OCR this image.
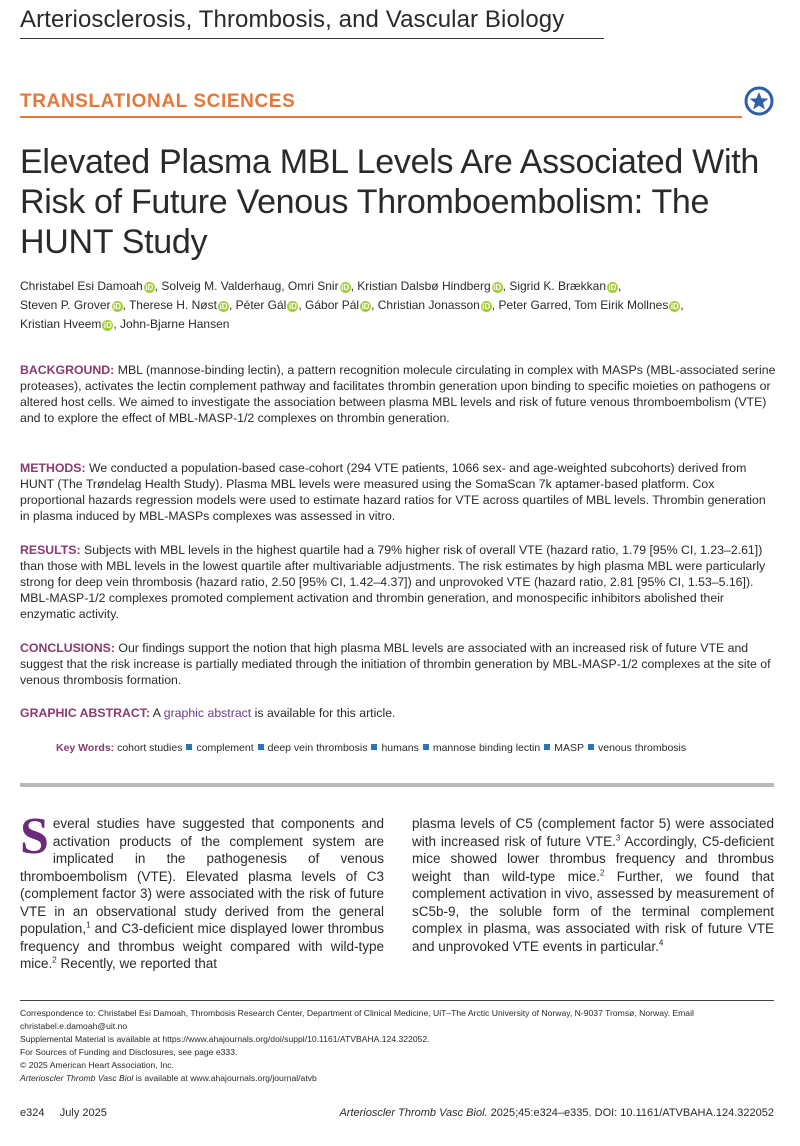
Arteriosclerosis, Thrombosis, and Vascular Biology
TRANSLATIONAL SCIENCES
Elevated Plasma MBL Levels Are Associated With Risk of Future Venous Thromboembolism: The HUNT Study
Christabel Esi Damoah iD , Solveig M. Valderhaug, Omri Snir iD , Kristian Dalsbø Hindberg iD , Sigrid K. Brækkan iD ,
Steven P. Grover iD , Therese H. Nøst iD , Péter Gál iD , Gábor Pál iD , Christian Jonasson iD , Peter Garred, Tom Eirik Mollnes iD ,
Kristian Hveem iD , John-Bjarne Hansen
BACKGROUND: MBL (mannose-binding lectin), a pattern recognition molecule circulating in complex with MASPs (MBL-associated serine proteases), activates the lectin complement pathway and facilitates thrombin generation upon binding to specific moieties on pathogens or altered host cells. We aimed to investigate the association between plasma MBL levels and risk of future venous thromboembolism (VTE) and to explore the effect of MBL-MASP-1/2 complexes on thrombin generation.
METHODS: We conducted a population-based case-cohort (294 VTE patients, 1066 sex- and age-weighted subcohorts) derived from HUNT (The Trøndelag Health Study). Plasma MBL levels were measured using the SomaScan 7k aptamer-based platform. Cox proportional hazards regression models were used to estimate hazard ratios for VTE across quartiles of MBL levels. Thrombin generation in plasma induced by MBL-MASPs complexes was assessed in vitro.
RESULTS: Subjects with MBL levels in the highest quartile had a 79% higher risk of overall VTE (hazard ratio, 1.79 [95% CI, 1.23–2.61]) than those with MBL levels in the lowest quartile after multivariable adjustments. The risk estimates by high plasma MBL were particularly strong for deep vein thrombosis (hazard ratio, 2.50 [95% CI, 1.42–4.37]) and unprovoked VTE (hazard ratio, 2.81 [95% CI, 1.53–5.16]). MBL-MASP-1/2 complexes promoted complement activation and thrombin generation, and monospecific inhibitors abolished their enzymatic activity.
CONCLUSIONS: Our findings support the notion that high plasma MBL levels are associated with an increased risk of future VTE and suggest that the risk increase is partially mediated through the initiation of thrombin generation by MBL-MASP-1/2 complexes at the site of venous thrombosis formation.
GRAPHIC ABSTRACT: A graphic abstract is available for this article.
Key Words: cohort studies complement deep vein thrombosis humans mannose binding lectin MASP venous thrombosis
Several studies have suggested that components and activation products of the complement system are implicated in the pathogenesis of venous thromboembolism (VTE). Elevated plasma levels of C3 (complement factor 3) were associated with the risk of future VTE in an observational study derived from the general population,$^1$ and C3-deficient mice displayed lower thrombus frequency and thrombus weight compared with wild-type mice.$^2$ Recently, we reported that
plasma levels of C5 (complement factor 5) were associated with increased risk of future VTE.$^3$ Accordingly, C5-deficient mice showed lower thrombus frequency and thrombus weight than wild-type mice.$^2$ Further, we found that complement activation in vivo, assessed by measurement of sC5b-9, the soluble form of the terminal complement complex in plasma, was associated with risk of future VTE and unprovoked VTE events in particular.$^4$
Correspondence to: Christabel Esi Damoah, Thrombosis Research Center, Department of Clinical Medicine, UiT–The Arctic University of Norway, N-9037 Tromsø, Norway. Email christabel.e.damoah@uit.no
Supplemental Material is available at https://www.ahajournals.org/doi/suppl/10.1161/ATVBAHA.124.322052.
For Sources of Funding and Disclosures, see page e333.
© 2025 American Heart Association, Inc.
Arterioscler Thromb Vasc Biol is available at www.ahajournals.org/journal/atvb
e324 July 2025	Arterioscler Thromb Vasc Biol. 2025;45:e324–e335. DOI: 10.1161/ATVBAHA.124.322052
